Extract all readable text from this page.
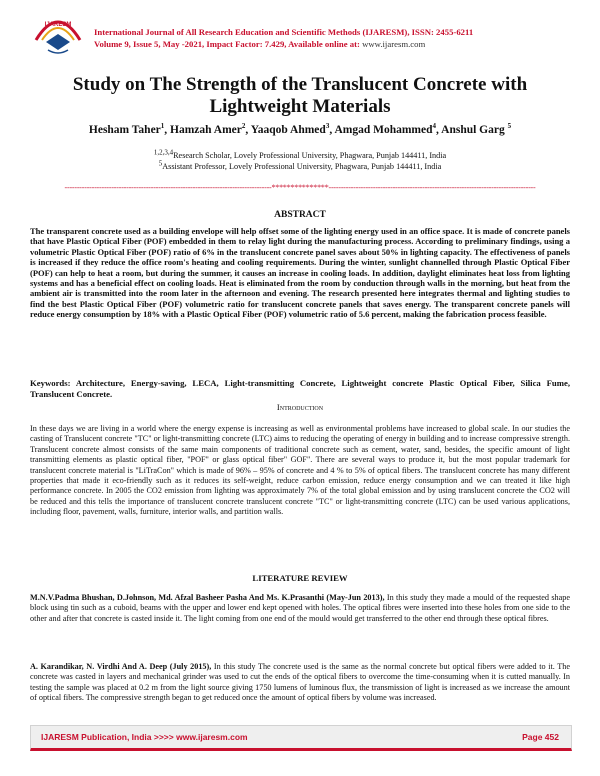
IJARESM
International Journal of All Research Education and Scientific Methods (IJARESM), ISSN: 2455-6211
Volume 9, Issue 5, May -2021, Impact Factor: 7.429, Available online at: www.ijaresm.com
Study on The Strength of the Translucent Concrete with Lightweight Materials
Hesham Taher$^1$, Hamzah Amer$^2$, Yaaqob Ahmed$^3$, Amgad Mohammed$^4$, Anshul Garg $^5$
$^{1,2,3,4}$Research Scholar, Lovely Professional University, Phagwara, Punjab 144411, India
$^5$Assistant Professor, Lovely Professional University, Phagwara, Punjab 144411, India
------------------------------------------------------------------------------------***************------------------------------------------------------------------------------------
ABSTRACT

The transparent concrete used as a building envelope will help offset some of the lighting energy used in an office space. It is made of concrete panels that have Plastic Optical Fiber (POF) embedded in them to relay light during the manufacturing process. According to preliminary findings, using a volumetric Plastic Optical Fiber (POF) ratio of 6% in the translucent concrete panel saves about 50% in lighting capacity. The effectiveness of panels is increased if they reduce the office room's heating and cooling requirements. During the winter, sunlight channelled through Plastic Optical Fiber (POF) can help to heat a room, but during the summer, it causes an increase in cooling loads. In addition, daylight eliminates heat loss from lighting systems and has a beneficial effect on cooling loads. Heat is eliminated from the room by conduction through walls in the morning, but heat from the ambient air is transmitted into the room later in the afternoon and evening. The research presented here integrates thermal and lighting studies to find the best Plastic Optical Fiber (POF) volumetric ratio for translucent concrete panels that saves energy. The transparent concrete panels will reduce energy consumption by 18% with a Plastic Optical Fiber (POF) volumetric ratio of 5.6 percent, making the fabrication process feasible.

Keywords: Architecture, Energy-saving, LECA, Light-transmitting Concrete, Lightweight concrete Plastic Optical Fiber, Silica Fume, Translucent Concrete.

Introduction

In these days we are living in a world where the energy expense is increasing as well as environmental problems have increased to global scale. In our studies the casting of Translucent concrete "TC" or light-transmitting concrete (LTC) aims to reducing the operating of energy in building and to increase compressive strength. Translucent concrete almost consists of the same main components of traditional concrete such as cement, water, sand, besides, the specific amount of light transmitting elements as plastic optical fiber, "POF" or glass optical fiber" GOF". There are several ways to produce it, but the most popular trademark for translucent concrete material is "LiTraCon" which is made of 96% – 95% of concrete and 4 % to 5% of optical fibers. The translucent concrete has many different properties that made it eco-friendly such as it reduces its self-weight, reduce carbon emission, reduce energy consumption and we can treated it like high performance concrete. In 2005 the CO2 emission from lighting was approximately 7% of the total global emission and by using translucent concrete the CO2 will be reduced and this tells the importance of translucent concrete translucent concrete "TC" or light-transmitting concrete (LTC) can be used various applications, including floor, pavement, walls, furniture, interior walls, and partition walls.

LITERATURE REVIEW

M.N.V.Padma Bhushan, D.Johnson, Md. Afzal Basheer Pasha And Ms. K.Prasanthi (May-Jun 2013), In this study they made a mould of the requested shape block using tin such as a cuboid, beams with the upper and lower end kept opened with holes. The optical fibres were inserted into these holes from one side to the other and after that concrete is casted inside it. The light coming from one end of the mould would get transferred to the other end through these optical fibres.

A. Karandikar, N. Virdhi And A. Deep (July 2015), In this study The concrete used is the same as the normal concrete but optical fibers were added to it. The concrete was casted in layers and mechanical grinder was used to cut the ends of the optical fibers to overcome the time-consuming when it is cutted manually. In testing the sample was placed at 0.2 m from the light source giving 1750 lumens of luminous flux, the transmission of light is increased as we increase the amount of optical fibers. The compressive strength began to get reduced once the amount of optical fibers by volume was increased.

IJARESM Publication, India >>>> www.ijaresm.com	Page 452
